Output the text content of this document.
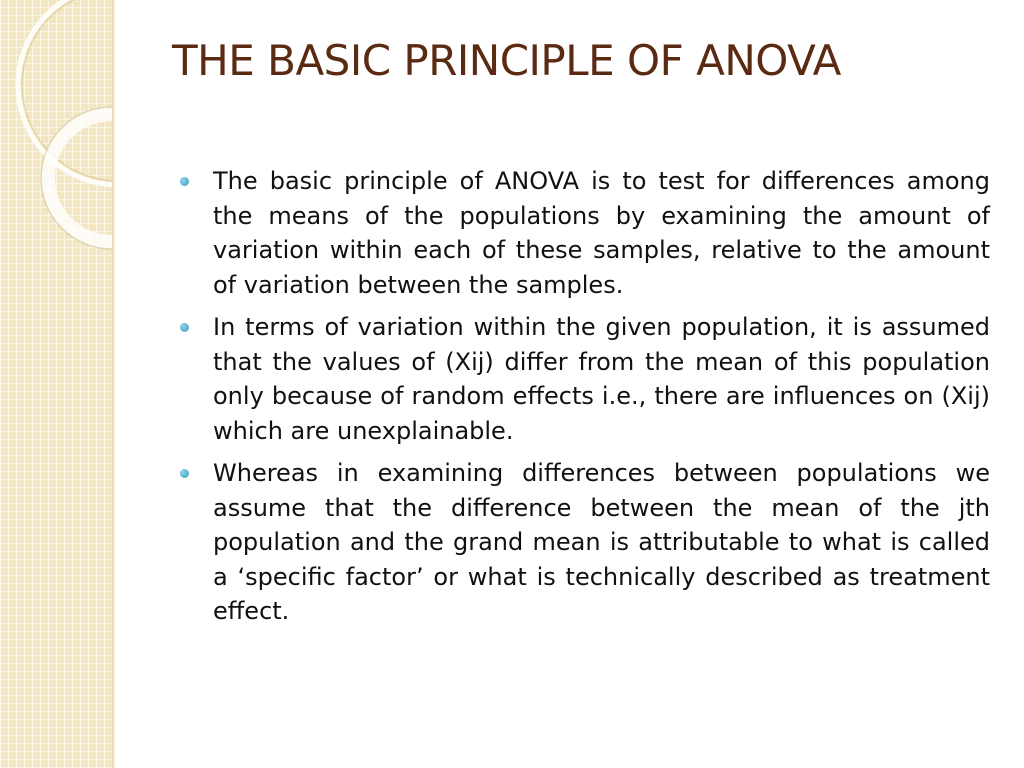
THE BASIC PRINCIPLE OF ANOVA
The basic principle of ANOVA is to test for differences among the means of the populations by examining the amount of variation within each of these samples, relative to the amount of variation between the samples.
In terms of variation within the given population, it is assumed that the values of (Xij) differ from the mean of this population only because of random effects i.e., there are influences on (Xij) which are unexplainable.
Whereas in examining differences between populations we assume that the difference between the mean of the jth population and the grand mean is attributable to what is called a ‘specific factor’ or what is technically described as treatment effect.
